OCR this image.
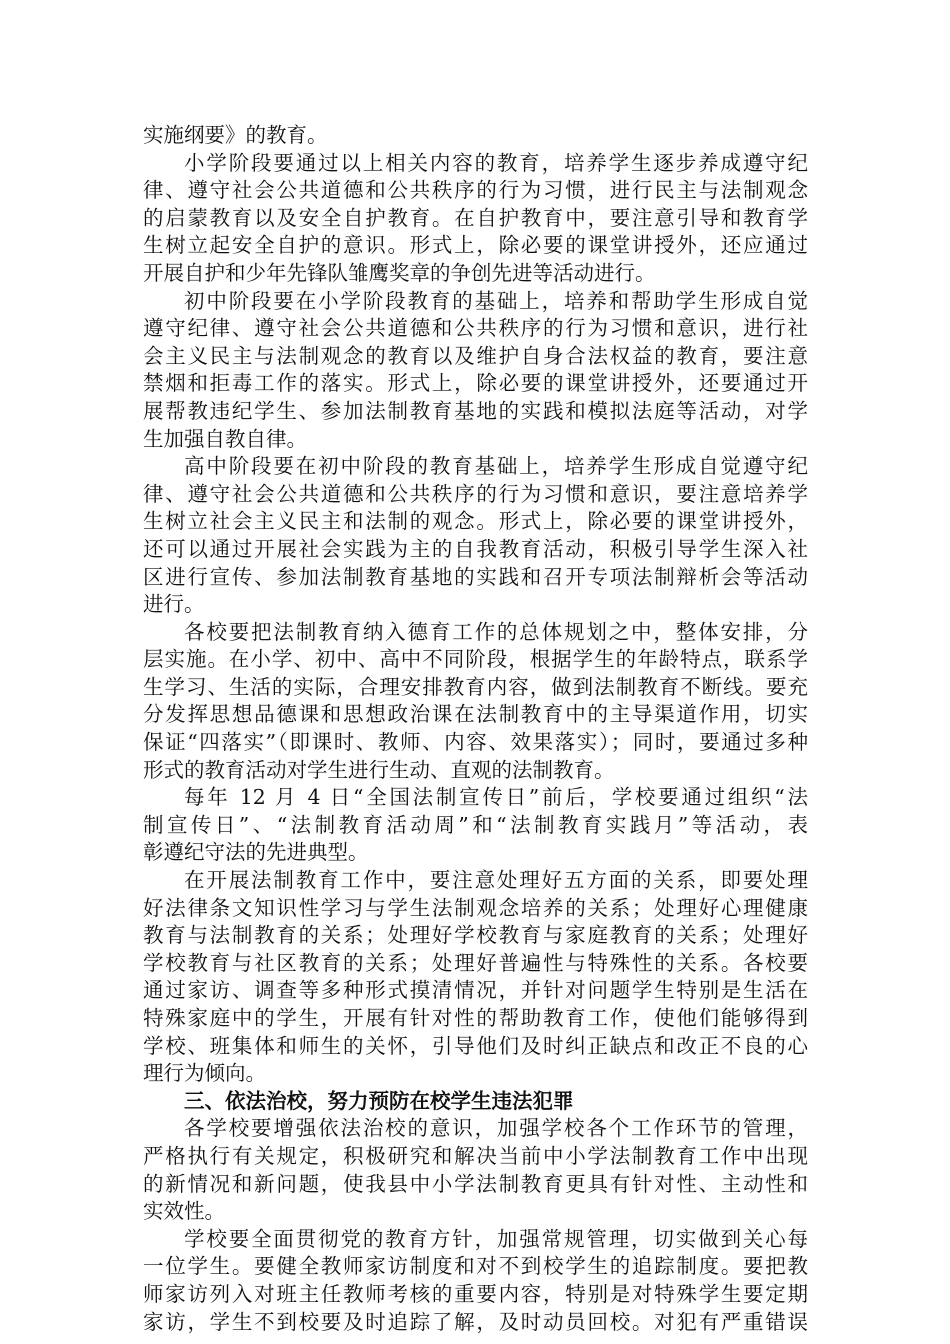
实施纲要》的教育。
小学阶段要通过以上相关内容的教育，培养学生逐步养成遵守纪
律、遵守社会公共道德和公共秩序的行为习惯，进行民主与法制观念
的启蒙教育以及安全自护教育。在自护教育中，要注意引导和教育学
生树立起安全自护的意识。形式上，除必要的课堂讲授外，还应通过
开展自护和少年先锋队雏鹰奖章的争创先进等活动进行。
初中阶段要在小学阶段教育的基础上，培养和帮助学生形成自觉
遵守纪律、遵守社会公共道德和公共秩序的行为习惯和意识，进行社
会主义民主与法制观念的教育以及维护自身合法权益的教育，要注意
禁烟和拒毒工作的落实。形式上，除必要的课堂讲授外，还要通过开
展帮教违纪学生、参加法制教育基地的实践和模拟法庭等活动，对学
生加强自教自律。
高中阶段要在初中阶段的教育基础上，培养学生形成自觉遵守纪
律、遵守社会公共道德和公共秩序的行为习惯和意识，要注意培养学
生树立社会主义民主和法制的观念。形式上，除必要的课堂讲授外，
还可以通过开展社会实践为主的自我教育活动，积极引导学生深入社
区进行宣传、参加法制教育基地的实践和召开专项法制辩析会等活动
进行。
各校要把法制教育纳入德育工作的总体规划之中，整体安排，分
层实施。在小学、初中、高中不同阶段，根据学生的年龄特点，联系学
生学习、生活的实际，合理安排教育内容，做到法制教育不断线。要充
分发挥思想品德课和思想政治课在法制教育中的主导渠道作用，切实
保证“四落实”（即课时、教师、内容、效果落实）；同时，要通过多种
形式的教育活动对学生进行生动、直观的法制教育。
每年 12 月 4 日“全国法制宣传日”前后，学校要通过组织“法
制宣传日”、“法制教育活动周”和“法制教育实践月”等活动，表
彰遵纪守法的先进典型。
在开展法制教育工作中，要注意处理好五方面的关系，即要处理
好法律条文知识性学习与学生法制观念培养的关系；处理好心理健康
教育与法制教育的关系；处理好学校教育与家庭教育的关系；处理好
学校教育与社区教育的关系；处理好普遍性与特殊性的关系。各校要
通过家访、调查等多种形式摸清情况，并针对问题学生特别是生活在
特殊家庭中的学生，开展有针对性的帮助教育工作，使他们能够得到
学校、班集体和师生的关怀，引导他们及时纠正缺点和改正不良的心
理行为倾向。
三、依法治校，努力预防在校学生违法犯罪
各学校要增强依法治校的意识，加强学校各个工作环节的管理，
严格执行有关规定，积极研究和解决当前中小学法制教育工作中出现
的新情况和新问题，使我县中小学法制教育更具有针对性、主动性和
实效性。
学校要全面贯彻党的教育方针，加强常规管理，切实做到关心每
一位学生。要健全教师家访制度和对不到校学生的追踪制度。要把教
师家访列入对班主任教师考核的重要内容，特别是对特殊学生要定期
家访，学生不到校要及时追踪了解，及时动员回校。对犯有严重错误
